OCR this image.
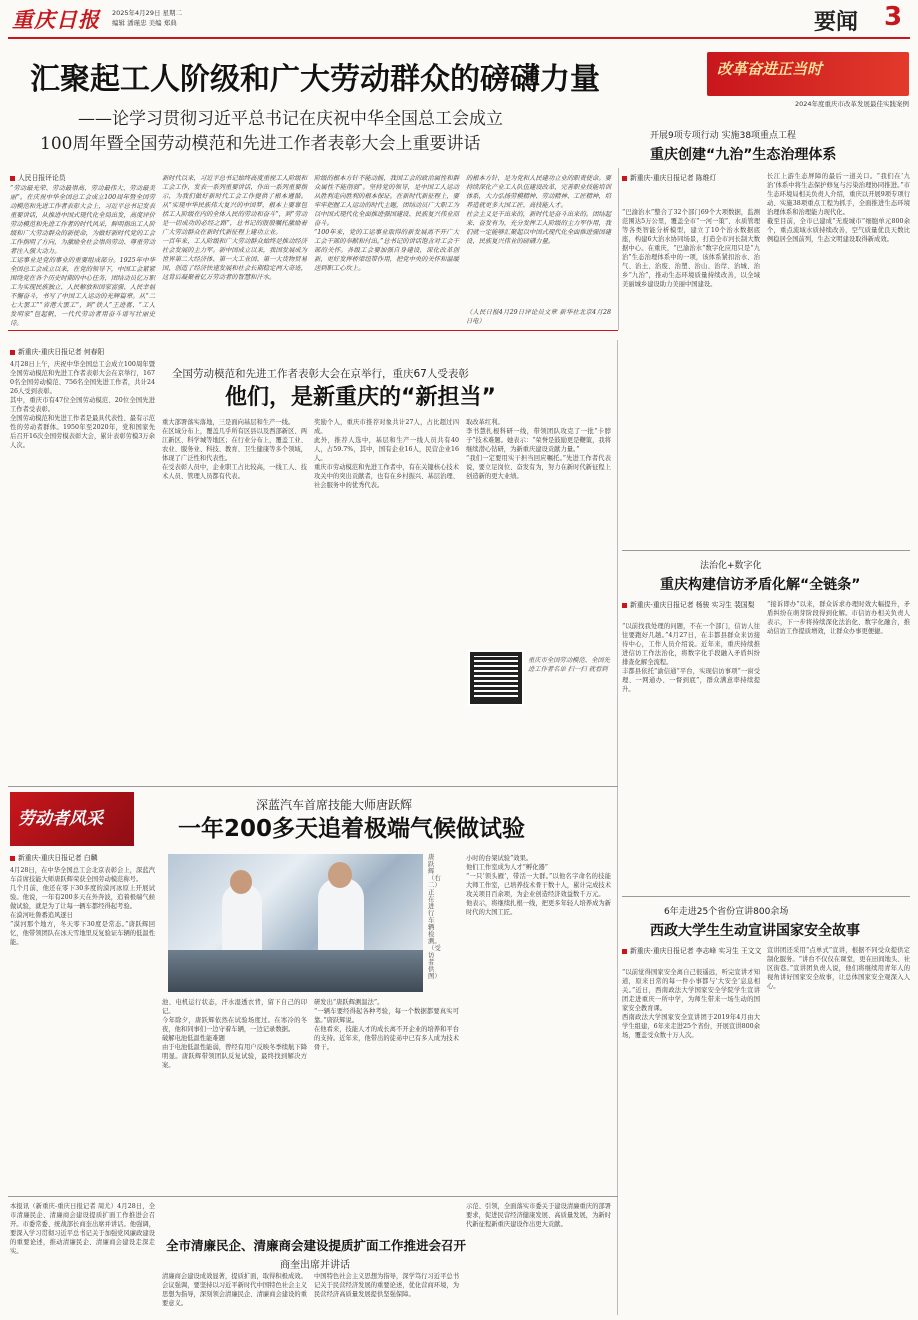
重庆日报 2025年4月29日 星期二
编辑 潘瑾忠 美编 郑典	要闻 3
汇聚起工人阶级和广大劳动群众的磅礴力量
——论学习贯彻习近平总书记在庆祝中华全国总工会成立
100周年暨全国劳动模范和先进工作者表彰大会上重要讲话
人民日报评论员
“劳动最光荣、劳动最崇高、劳动最伟大、劳动最美丽”。在庆祝中华全国总工会成立100周年暨全国劳动模范和先进工作者表彰大会上，习近平总书记发表重要讲话，从推进中国式现代化全局出发，高度评价劳动模范和先进工作者的时代风采，鲜明指出工人阶级和广大劳动群众的新使命，为做好新时代党的工会工作指明了方向，为激励全社会崇尚劳动、尊重劳动者注入强大动力。
工运事业是党的事业的重要组成部分。1925年中华全国总工会成立以来，在党的领导下，中国工会紧紧围绕党在各个历史时期的中心任务，团结动员亿万职工为实现民族独立、人民解放和国家富强、人民幸福不懈奋斗，书写了中国工人运动的光辉篇章。从“二七大罢工”“省港大罢工”，到“铁人”王进喜、“工人发明家”包起帆，一代代劳动者用奋斗谱写壮丽史诗。
新时代以来，习近平总书记始终高度重视工人阶级和工会工作，发表一系列重要讲话、作出一系列重要指示，为我们做好新时代工会工作提供了根本遵循。从“实现中华民族伟大复兴的中国梦，根本上要靠包括工人阶级在内的全体人民的劳动和奋斗”，到“劳动是一切成功的必经之路”，总书记的殷殷嘱托激励着广大劳动群众在新时代新征程上建功立业。
一百年来，工人阶级和广大劳动群众始终是推动经济社会发展的主力军。新中国成立以来，我国发展成为世界第二大经济体、第一大工业国、第一大货物贸易国，创造了经济快速发展和社会长期稳定两大奇迹，这背后凝聚着亿万劳动者的智慧和汗水。
阶级的根本方针不能动摇，我国工会的政治属性和群众属性不能削弱”。坚持党的领导，是中国工人运动从胜利走向胜利的根本保证。在新时代新征程上，要牢牢把握工人运动的时代主题，团结动员广大职工为以中国式现代化全面推进强国建设、民族复兴伟业而奋斗。
“100年来，党的工运事业取得的新发展离不开广大工会干部的奉献和付出。”总书记的讲话饱含对工会干部的关怀。各级工会要加强自身建设，深化改革创新，更好发挥桥梁纽带作用，把党中央的关怀和温暖送到职工心坎上。
的根本方针，是为党和人民建功立业的职责使命。要持续深化产业工人队伍建设改革，完善职业技能培训体系，大力弘扬劳模精神、劳动精神、工匠精神，培养造就更多大国工匠、高技能人才。
社会主义是干出来的，新时代是奋斗出来的。团结起来、奋发有为，充分发挥工人阶级的主力军作用，我们就一定能够汇聚起以中国式现代化全面推进强国建设、民族复兴伟业的磅礴力量。
（人民日报4月29日评论员文章 新华社北京4月28日电）
改革奋进正当时
2024年度重庆市改革发展最佳实践案例
开展9项专项行动 实施38项重点工程
重庆创建“九治”生态治理体系
新重庆-重庆日报记者 陈维灯
“巴渝治水”整合了32个部门69个大项数据，监测范围达5万公里，覆盖全市“一河一策”、水质管理等各类智能分析模型，建立了10个治水数据底座，构建6大治水协同场景，打造全市河长制大数据中心。在重庆，“巴渝治水”数字化应用只是“九治”生态治理体系中的一项，该体系紧扣治水、治气、治土、治废、治塑、治山、治岸、治城、治乡“九治”，推动生态环境质量持续改善，以全域美丽城乡建设助力美丽中国建设。
长江上游生态屏障的最后一道关口。“我们在‘九治’体系中将生态保护修复与污染治理协同推进。”市生态环境局相关负责人介绍，重庆以开展9项专项行动、实施38项重点工程为抓手，全面推进生态环境治理体系和治理能力现代化。
截至目前，全市已建成“无废城市”细胞单元800余个，重点流域水质持续改善，空气质量优良天数比例稳居全国前列，生态文明建设取得新成效。
法治化+数字化
重庆构建信访矛盾化解“全链条”
新重庆-重庆日报记者 杨骏 实习生 裴国梨
“以前找我处理的问题，不在一个部门，信访人往往要跑好几趟。”4月27日，在丰都县群众来访接待中心，工作人员介绍说。近年来，重庆持续推进信访工作法治化，将数字化手段融入矛盾纠纷排查化解全流程。
丰都县依托“渝信通”平台，实现信访事项“一窗受理、一网通办、一督到底”，群众满意率持续提升。
“接诉即办”以来，群众诉求办理时效大幅提升，矛盾纠纷在萌芽阶段得到化解。市信访办相关负责人表示，下一步将持续深化法治化、数字化融合，推动信访工作提质增效，让群众办事更便捷。
6年走进25个省份宣讲800余场
西政大学生生动宣讲国家安全故事
新重庆-重庆日报记者 李志峰 实习生 王文文
“以前觉得国家安全离自己很遥远，听完宣讲才知道，原来日常的每一件小事都与‘大安全’息息相关。”近日，西南政法大学国家安全学院学生宣讲团走进重庆一所中学，为师生带来一场生动的国家安全教育课。
西南政法大学国家安全宣讲团于2019年4月由大学生组建，6年来走进25个省份，开展宣讲800余场，覆盖受众数十万人次。
宣讲团还采用“点单式”宣讲，根据不同受众提供定制化服务。“讲台不仅仅在课堂，更在田间地头、社区街巷。”宣讲团负责人说，他们将继续用青年人的视角讲好国家安全故事，让总体国家安全观深入人心。
新重庆-重庆日报记者 何春阳
全国劳动模范和先进工作者表彰大会在京举行，重庆67人受表彰
他们，是新重庆的“新担当”
4月28日上午，庆祝中华全国总工会成立100周年暨全国劳动模范和先进工作者表彰大会在京举行，1670名全国劳动模范、756名全国先进工作者，共计2426人受到表彰。
其中，重庆市有47位全国劳动模范、20位全国先进工作者受表彰。
全国劳动模范和先进工作者是最具代表性、最有示范性的劳动者群体。1950年至2020年，党和国家先后召开16次全国劳模表彰大会，累计表彰劳模3万余人次。
重大部署落实落地，三是面向基层和生产一线。
在区域分布上，覆盖几乎所有区县以及西部新区、两江新区、科学城等地区；在行业分布上，覆盖工业、农业、服务业、科技、教育、卫生健康等多个领域，体现了广泛性和代表性。
在受表彰人员中，企业职工占比较高，一线工人、技术人员、管理人员都有代表。
奖励个人，重庆市推荐对象共计27人，占比超过四成。
此外，推荐人选中，基层和生产一线人员共有40人，占59.7%，其中，国有企业16人，民营企业16人。
重庆市劳动模范和先进工作者中，有在关键核心技术攻关中的突出贡献者，也有在乡村振兴、基层治理、社会服务中的优秀代表。
取改革红利。
李书慧扎根科研一线，带领团队攻克了一批“卡脖子”技术难题。她表示：“荣誉是鼓励更是鞭策，我将继续潜心钻研，为新重庆建设贡献力量。”
“我们一定要用实干担当回应嘱托。”先进工作者代表说，要立足岗位、奋发有为，努力在新时代新征程上创造新的更大业绩。
重庆市全国劳动模范、全国先进工作者名单 扫一扫 就看到
劳动者风采
深蓝汽车首席技能大师唐跃辉
一年200多天追着极端气候做试验
新重庆-重庆日报记者 白麟
4月28日，在中华全国总工会北京表彰会上，深蓝汽车首席技能大师唐跃辉荣获全国劳动模范称号。
几个月前，他还在零下30多度的漠河冰原上开展试验。他说，一年有200多天在外奔波，追着极端气候做试验，就是为了让每一辆车都经得起考验。
在漠河吐鲁番追风逐日
“漠河那个地方，冬天零下30度是常态。”唐跃辉回忆，他带领团队在冰天雪地里反复验证车辆的低温性能。
唐跃辉（右二）正在进行车辆检测。（受访者供图）
池、电机运行状态，汗水湿透衣背，留下自己的印记。
今年除夕，唐跃辉依然在试验场度过。在寒冷的冬夜，他和同事们一边守着车辆，一边记录数据。
破解电池低温性能难题
由于电池低温性能弱，曾经有用户反映冬季续航下降明显。唐跃辉带领团队反复试验，最终找到解决方案。
研发出“唐跃辉测温法”。
“一辆车要经得起各种考验，每一个数据都要真实可靠。”唐跃辉说。
在他看来，技能人才的成长离不开企业的培养和平台的支持。近年来，他带出的徒弟中已有多人成为技术骨干。
小时的台架试验”效果。
他们工作室成为人才“孵化器”
“一只‘领头雁’，带活一大群。”以他名字命名的技能大师工作室，已培养技术骨干数十人，累计完成技术攻关项目百余项，为企业创造经济效益数千万元。
他表示，将继续扎根一线，把更多年轻人培养成为新时代的大国工匠。
全市清廉民企、清廉商会建设提质扩面工作推进会召开
商奎出席并讲话
本报讯（新重庆-重庆日报记者 周尤）4月28日，全市清廉民企、清廉商会建设提质扩面工作推进会召开。市委常委、统战部长商奎出席并讲话。他强调，要深入学习贯彻习近平总书记关于加强党风廉政建设的重要论述，推动清廉民企、清廉商会建设走深走实。
清廉商会建设成效显著，提质扩面，取得积极成效。
会议强调，要坚持以习近平新时代中国特色社会主义思想为指导，深刻领会清廉民企、清廉商会建设的重要意义。
中国特色社会主义思想为指导，深学笃行习近平总书记关于民营经济发展的重要论述，优化营商环境，为民营经济高质量发展提供坚强保障。
示范、引领，全面落实市委关于建设清廉重庆的部署要求，促进民营经济健康发展、高质量发展，为新时代新征程新重庆建设作出更大贡献。
